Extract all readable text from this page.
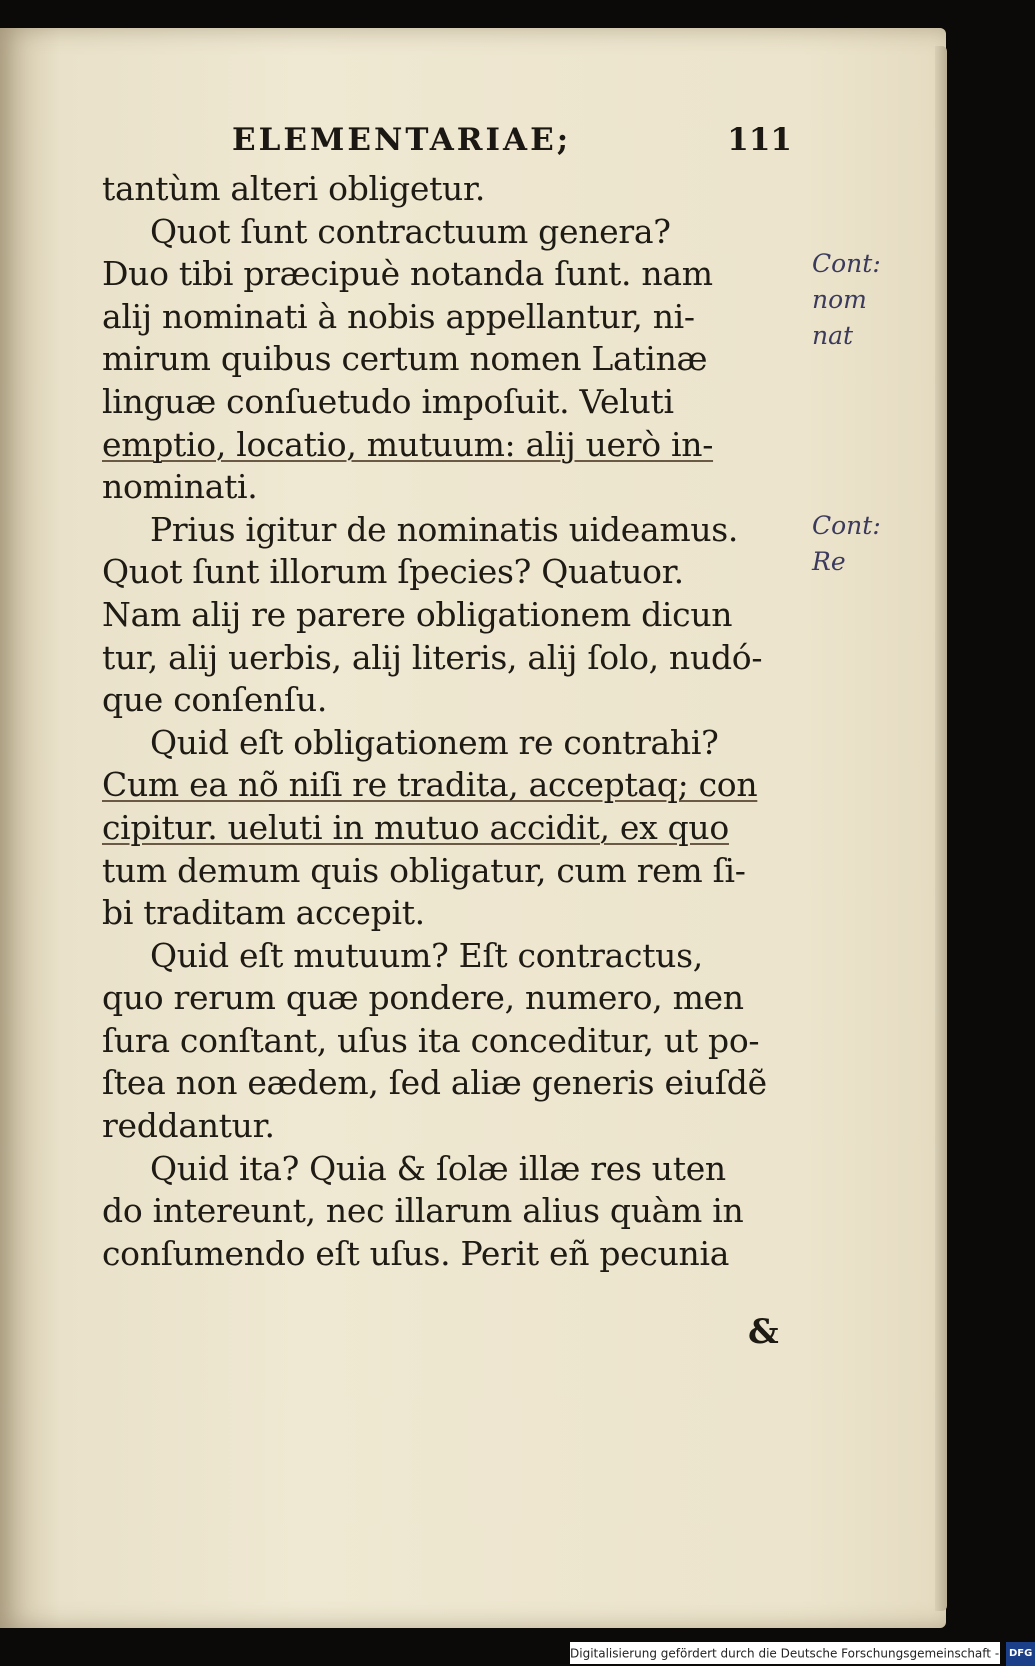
ELEMENTARIAE;	111
tantùm alteri obligetur.
Quot ſunt contractuum genera?
Duo tibi præcipuè notanda ſunt. nam
alij nominati à nobis appellantur, ni-
mirum quibus certum nomen Latinæ
linguæ conſuetudo impoſuit. Veluti
emptio, locatio, mutuum: alij uerò in-
nominati.
Prius igitur de nominatis uideamus.
Quot ſunt illorum ſpecies? Quatuor.
Nam alij re parere obligationem dicun
tur, alij uerbis, alij literis, alij ſolo, nudó-
que conſenſu.
Quid eſt obligationem re contrahi?
Cum ea nõ niſi re tradita, acceptaq; con
cipitur. ueluti in mutuo accidit, ex quo
tum demum quis obligatur, cum rem ſi-
bi traditam accepit.
Quid eſt mutuum? Eſt contractus,
quo rerum quæ pondere, numero, men
ſura conſtant, uſus ita conceditur, ut po-
ſtea non eædem, ſed aliæ generis eiuſdẽ
reddantur.
Quid ita? Quia & ſolæ illæ res uten
do intereunt, nec illarum alius quàm in
conſumendo eſt uſus. Perit eñ pecunia
&
Cont:
nom
nat
Cont:
Re
Digitalisierung gefördert durch die Deutsche Forschungsgemeinschaft - DFG
